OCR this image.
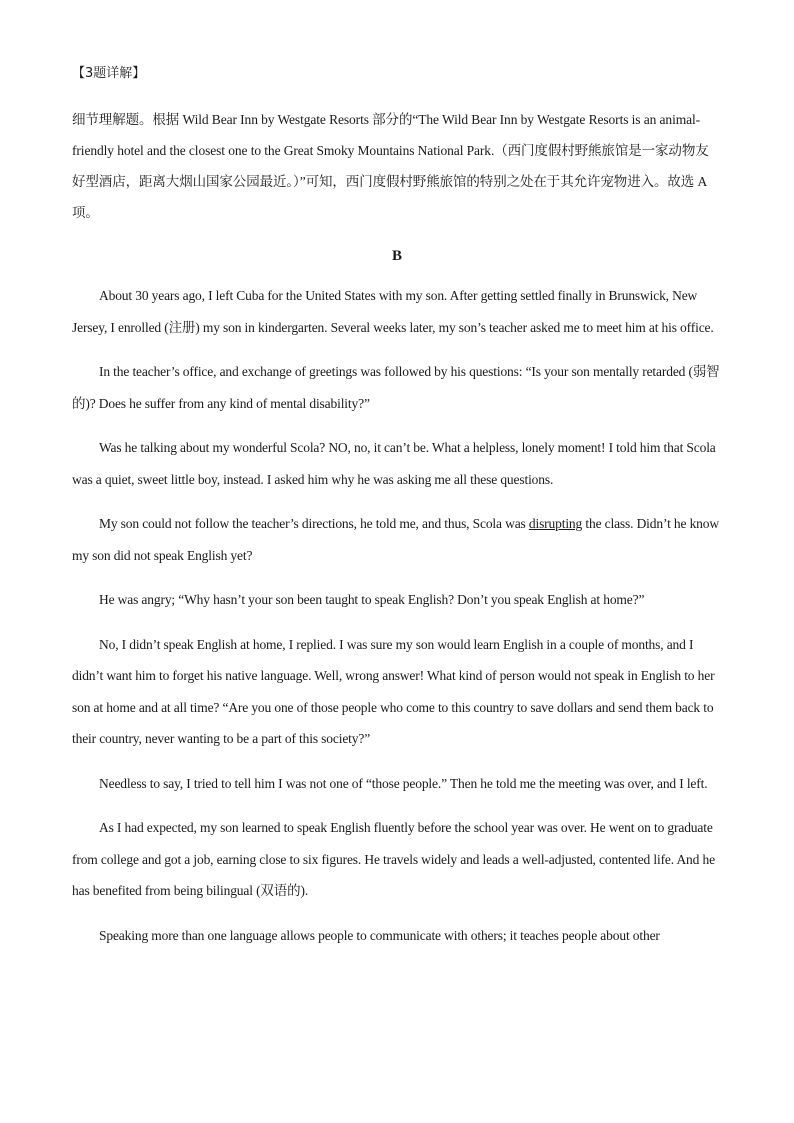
【3题详解】

细节理解题。根据 Wild Bear Inn by Westgate Resorts 部分的“The Wild Bear Inn by Westgate Resorts is an animal-friendly hotel and the closest one to the Great Smoky Mountains National Park.（西门度假村野熊旅馆是一家动物友好型酒店，距离大烟山国家公园最近。）”可知，西门度假村野熊旅馆的特别之处在于其允许宠物进入。故选 A项。

B

About 30 years ago, I left Cuba for the United States with my son. After getting settled finally in Brunswick, New Jersey, I enrolled (注册) my son in kindergarten. Several weeks later, my son’s teacher asked me to meet him at his office.

In the teacher’s office, and exchange of greetings was followed by his questions: “Is your son mentally retarded (弱智的)? Does he suffer from any kind of mental disability?”

Was he talking about my wonderful Scola? NO, no, it can’t be. What a helpless, lonely moment! I told him that Scola was a quiet, sweet little boy, instead. I asked him why he was asking me all these questions.

My son could not follow the teacher’s directions, he told me, and thus, Scola was disrupting the class. Didn’t he know my son did not speak English yet?

He was angry; “Why hasn’t your son been taught to speak English? Don’t you speak English at home?”

No, I didn’t speak English at home, I replied. I was sure my son would learn English in a couple of months, and I didn’t want him to forget his native language. Well, wrong answer! What kind of person would not speak in English to her son at home and at all time? “Are you one of those people who come to this country to save dollars and send them back to their country, never wanting to be a part of this society?”

Needless to say, I tried to tell him I was not one of “those people.” Then he told me the meeting was over, and I left.

As I had expected, my son learned to speak English fluently before the school year was over. He went on to graduate from college and got a job, earning close to six figures. He travels widely and leads a well-adjusted, contented life. And he has benefited from being bilingual (双语的).

Speaking more than one language allows people to communicate with others; it teaches people about other
